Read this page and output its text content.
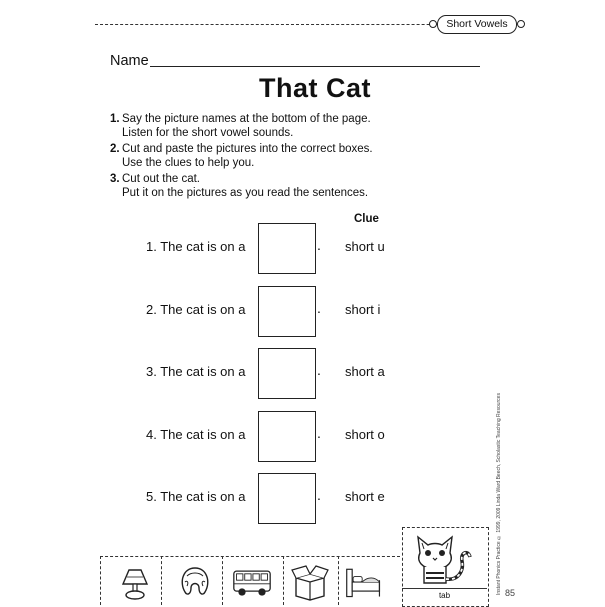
Short Vowels
Name
That Cat
1. Say the picture names at the bottom of the page.
Listen for the short vowel sounds.
2. Cut and paste the pictures into the correct boxes.
Use the clues to help you.
3. Cut out the cat.
Put it on the pictures as you read the sentences.
Clue
1. The cat is on a	. short u
2. The cat is on a	. short i
3. The cat is on a	. short a
4. The cat is on a	. short o
5. The cat is on a	. short e	Instant Phonics Practice © 1999, 2009 Linda Ward Beech, Scholastic Teaching Resources 85
tab
